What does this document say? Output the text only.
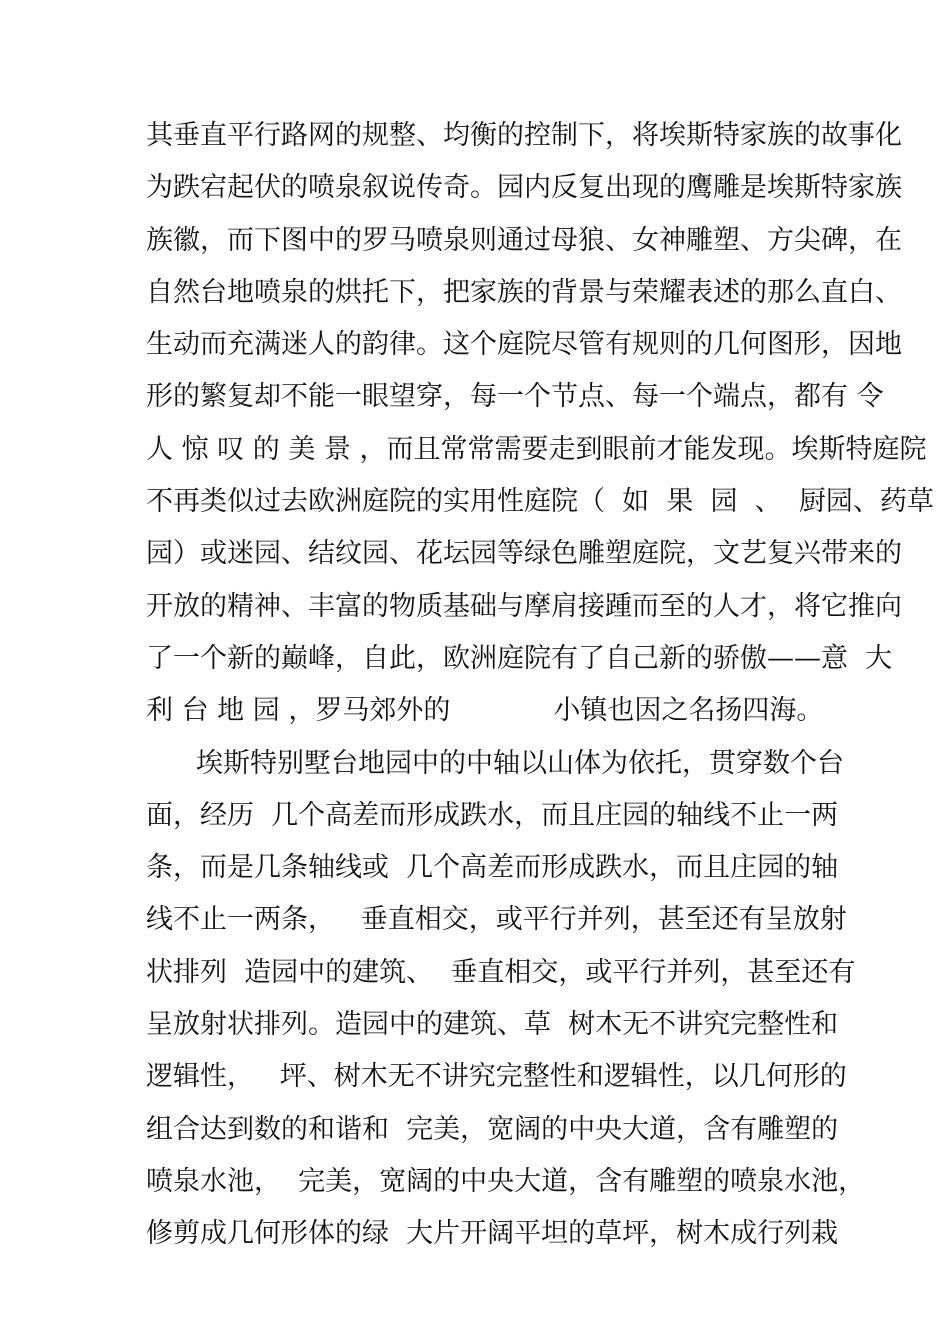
其垂直平行路网的规整、均衡的控制下，将埃斯特家族的故事化
为跌宕起伏的喷泉叙说传奇。园内反复出现的鹰雕是埃斯特家族
族徽，而下图中的罗马喷泉则通过母狼、女神雕塑、方尖碑，在
自然台地喷泉的烘托下，把家族的背景与荣耀表述的那么直白、
生动而充满迷人的韵律。这个庭院尽管有规则的几何图形，因地
形的繁复却不能一眼望穿，每一个节点、每一个端点，都有 令
人 惊 叹 的 美 景 ，而且常常需要走到眼前才能发现。埃斯特庭院
不再类似过去欧洲庭院的实用性庭院（  如  果  园  、  厨园、药草
园）或迷园、结纹园、花坛园等绿色雕塑庭院，文艺复兴带来的
开放的精神、丰富的物质基础与摩肩接踵而至的人才，将它推向
了一个新的巅峰，自此，欧洲庭院有了自己新的骄傲——意  大
利 台 地 园 ，罗马郊外的            小镇也因之名扬四海。
埃斯特别墅台地园中的中轴以山体为依托，贯穿数个台
面，经历  几个高差而形成跌水，而且庄园的轴线不止一两
条，而是几条轴线或  几个高差而形成跌水，而且庄园的轴
线不止一两条，   垂直相交，或平行并列，甚至还有呈放射
状排列  造园中的建筑、  垂直相交，或平行并列，甚至还有
呈放射状排列。造园中的建筑、草  树木无不讲究完整性和
逻辑性，   坪、树木无不讲究完整性和逻辑性，以几何形的
组合达到数的和谐和  完美，宽阔的中央大道，含有雕塑的
喷泉水池，  完美，宽阔的中央大道，含有雕塑的喷泉水池，
修剪成几何形体的绿  大片开阔平坦的草坪，树木成行列栽
